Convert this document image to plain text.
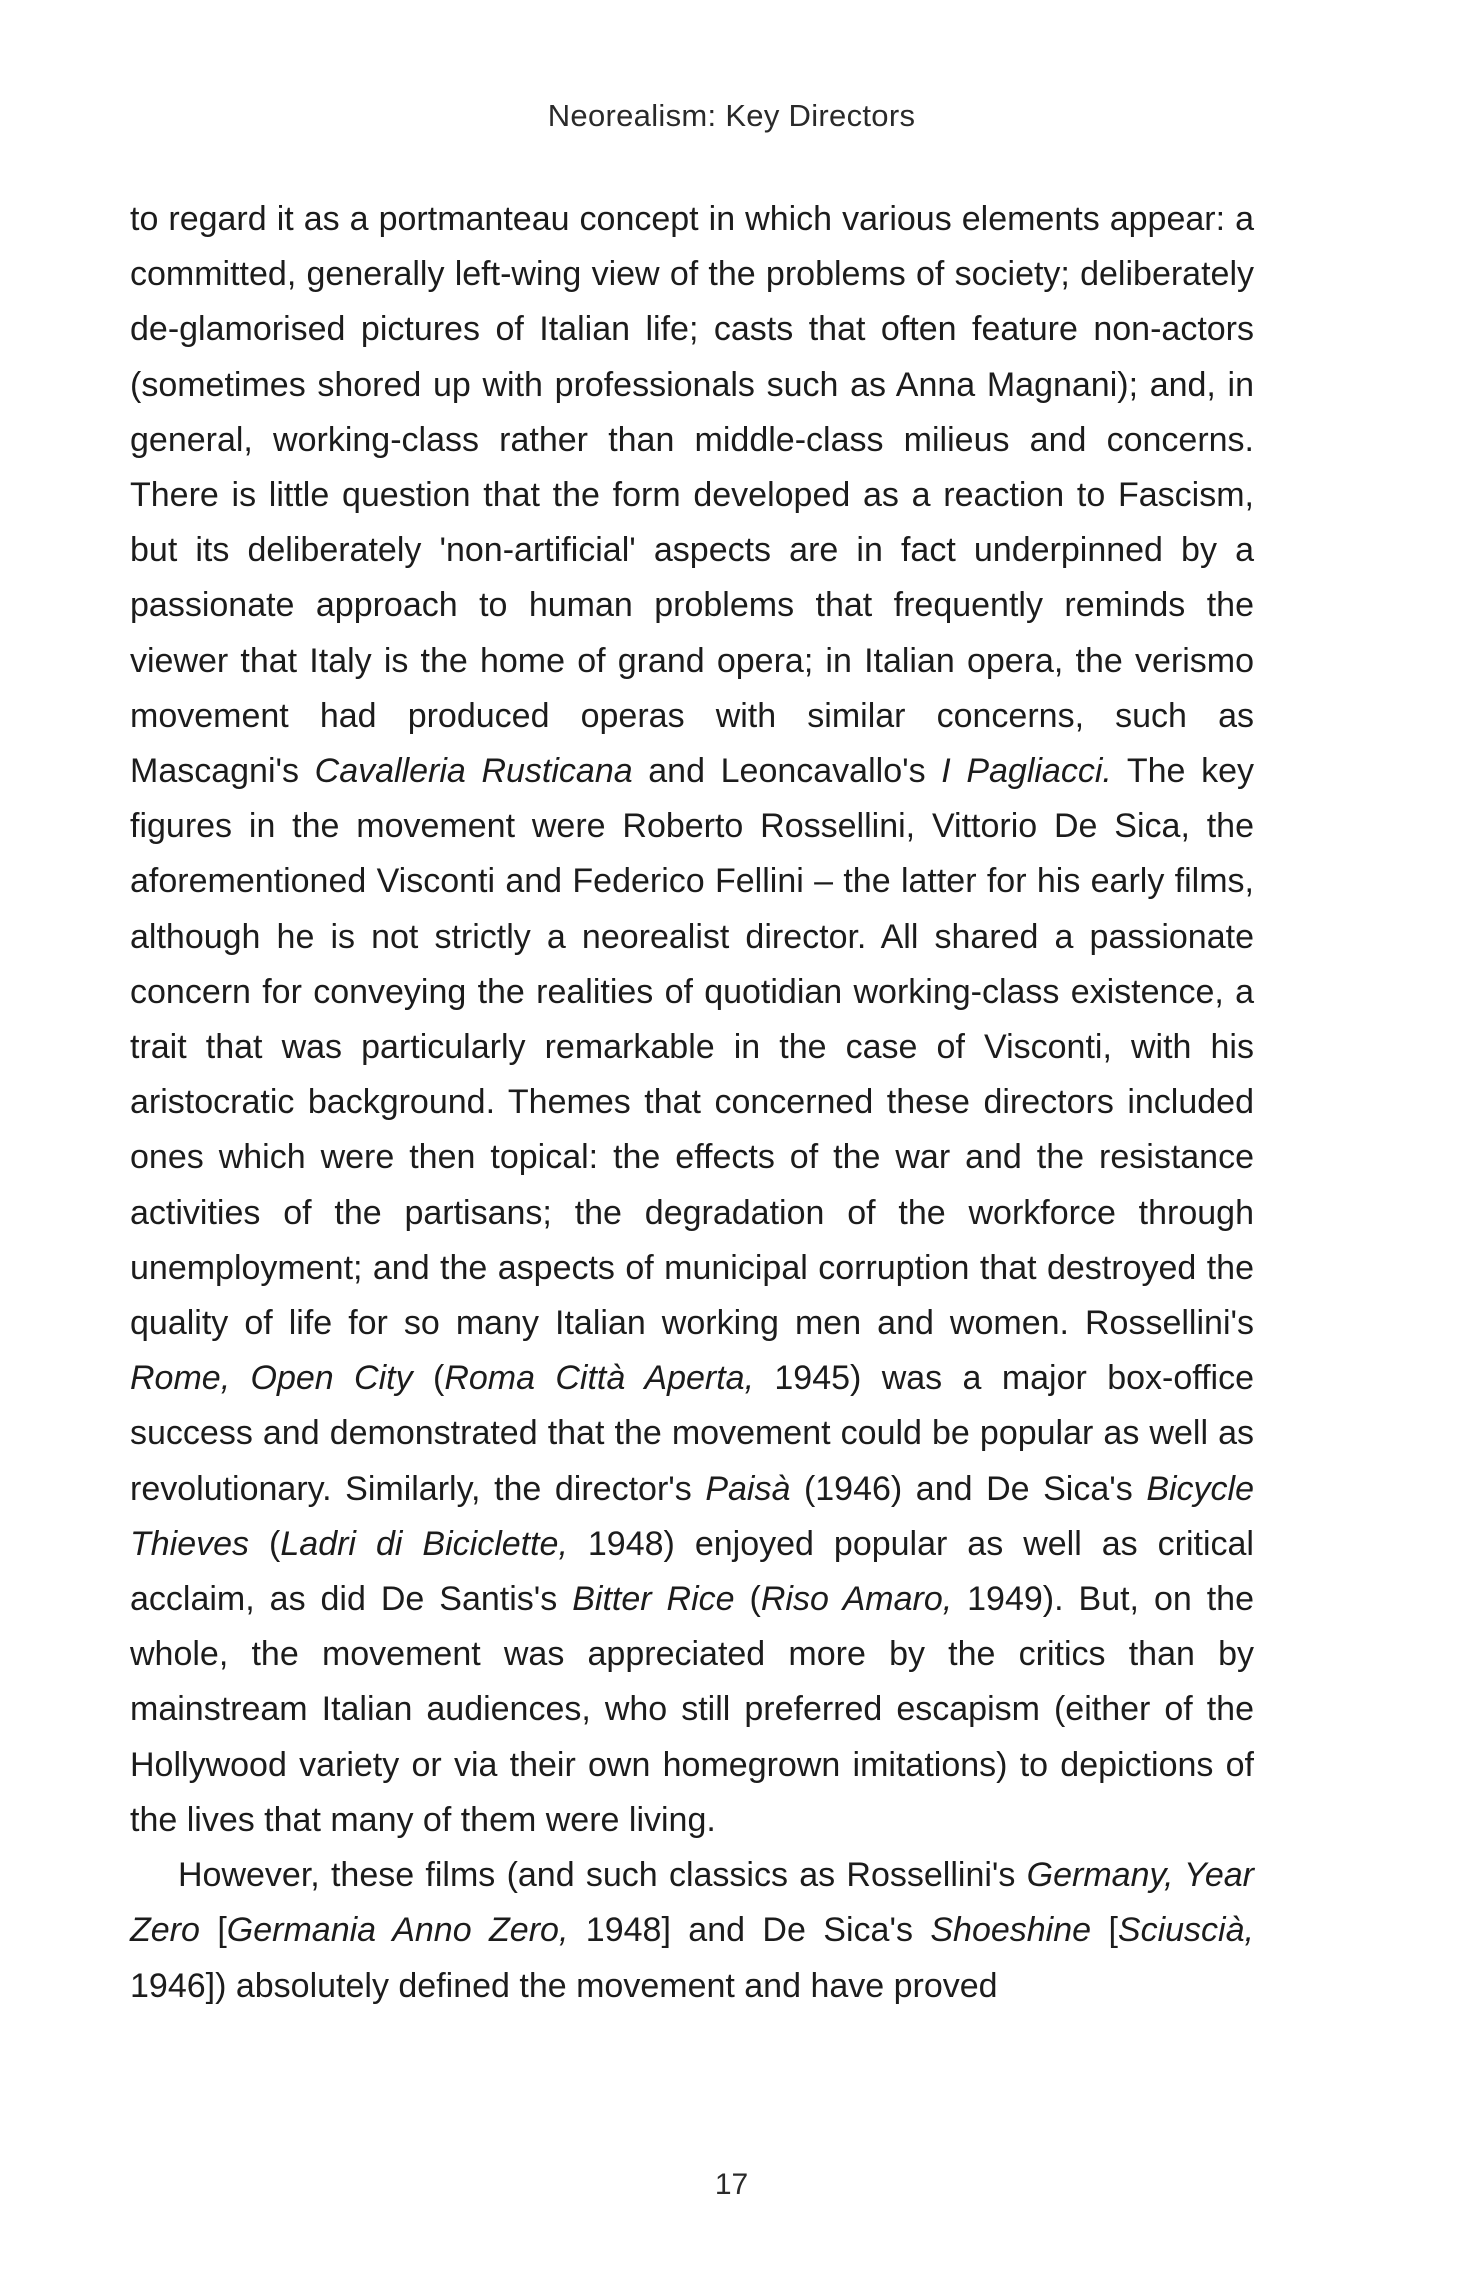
Neorealism: Key Directors

to regard it as a portmanteau concept in which various elements appear: a committed, generally left-wing view of the problems of society; deliberately de-glamorised pictures of Italian life; casts that often feature non-actors (sometimes shored up with professionals such as Anna Magnani); and, in general, working-class rather than middle-class milieus and concerns. There is little question that the form developed as a reaction to Fascism, but its deliberately 'non-artificial' aspects are in fact underpinned by a passionate approach to human problems that frequently reminds the viewer that Italy is the home of grand opera; in Italian opera, the verismo movement had produced operas with similar concerns, such as Mascagni's Cavalleria Rusticana and Leoncavallo's I Pagliacci. The key figures in the movement were Roberto Rossellini, Vittorio De Sica, the aforementioned Visconti and Federico Fellini – the latter for his early films, although he is not strictly a neorealist director. All shared a passionate concern for conveying the realities of quotidian working-class existence, a trait that was particularly remarkable in the case of Visconti, with his aristocratic background. Themes that concerned these directors included ones which were then topical: the effects of the war and the resistance activities of the partisans; the degradation of the workforce through unemployment; and the aspects of municipal corruption that destroyed the quality of life for so many Italian working men and women. Rossellini's Rome, Open City (Roma Città Aperta, 1945) was a major box-office success and demonstrated that the movement could be popular as well as revolutionary. Similarly, the director's Paisà (1946) and De Sica's Bicycle Thieves (Ladri di Biciclette, 1948) enjoyed popular as well as critical acclaim, as did De Santis's Bitter Rice (Riso Amaro, 1949). But, on the whole, the movement was appreciated more by the critics than by mainstream Italian audiences, who still preferred escapism (either of the Hollywood variety or via their own homegrown imitations) to depictions of the lives that many of them were living.

However, these films (and such classics as Rossellini's Germany, Year Zero [Germania Anno Zero, 1948] and De Sica's Shoeshine [Sciuscià, 1946]) absolutely defined the movement and have proved

17
